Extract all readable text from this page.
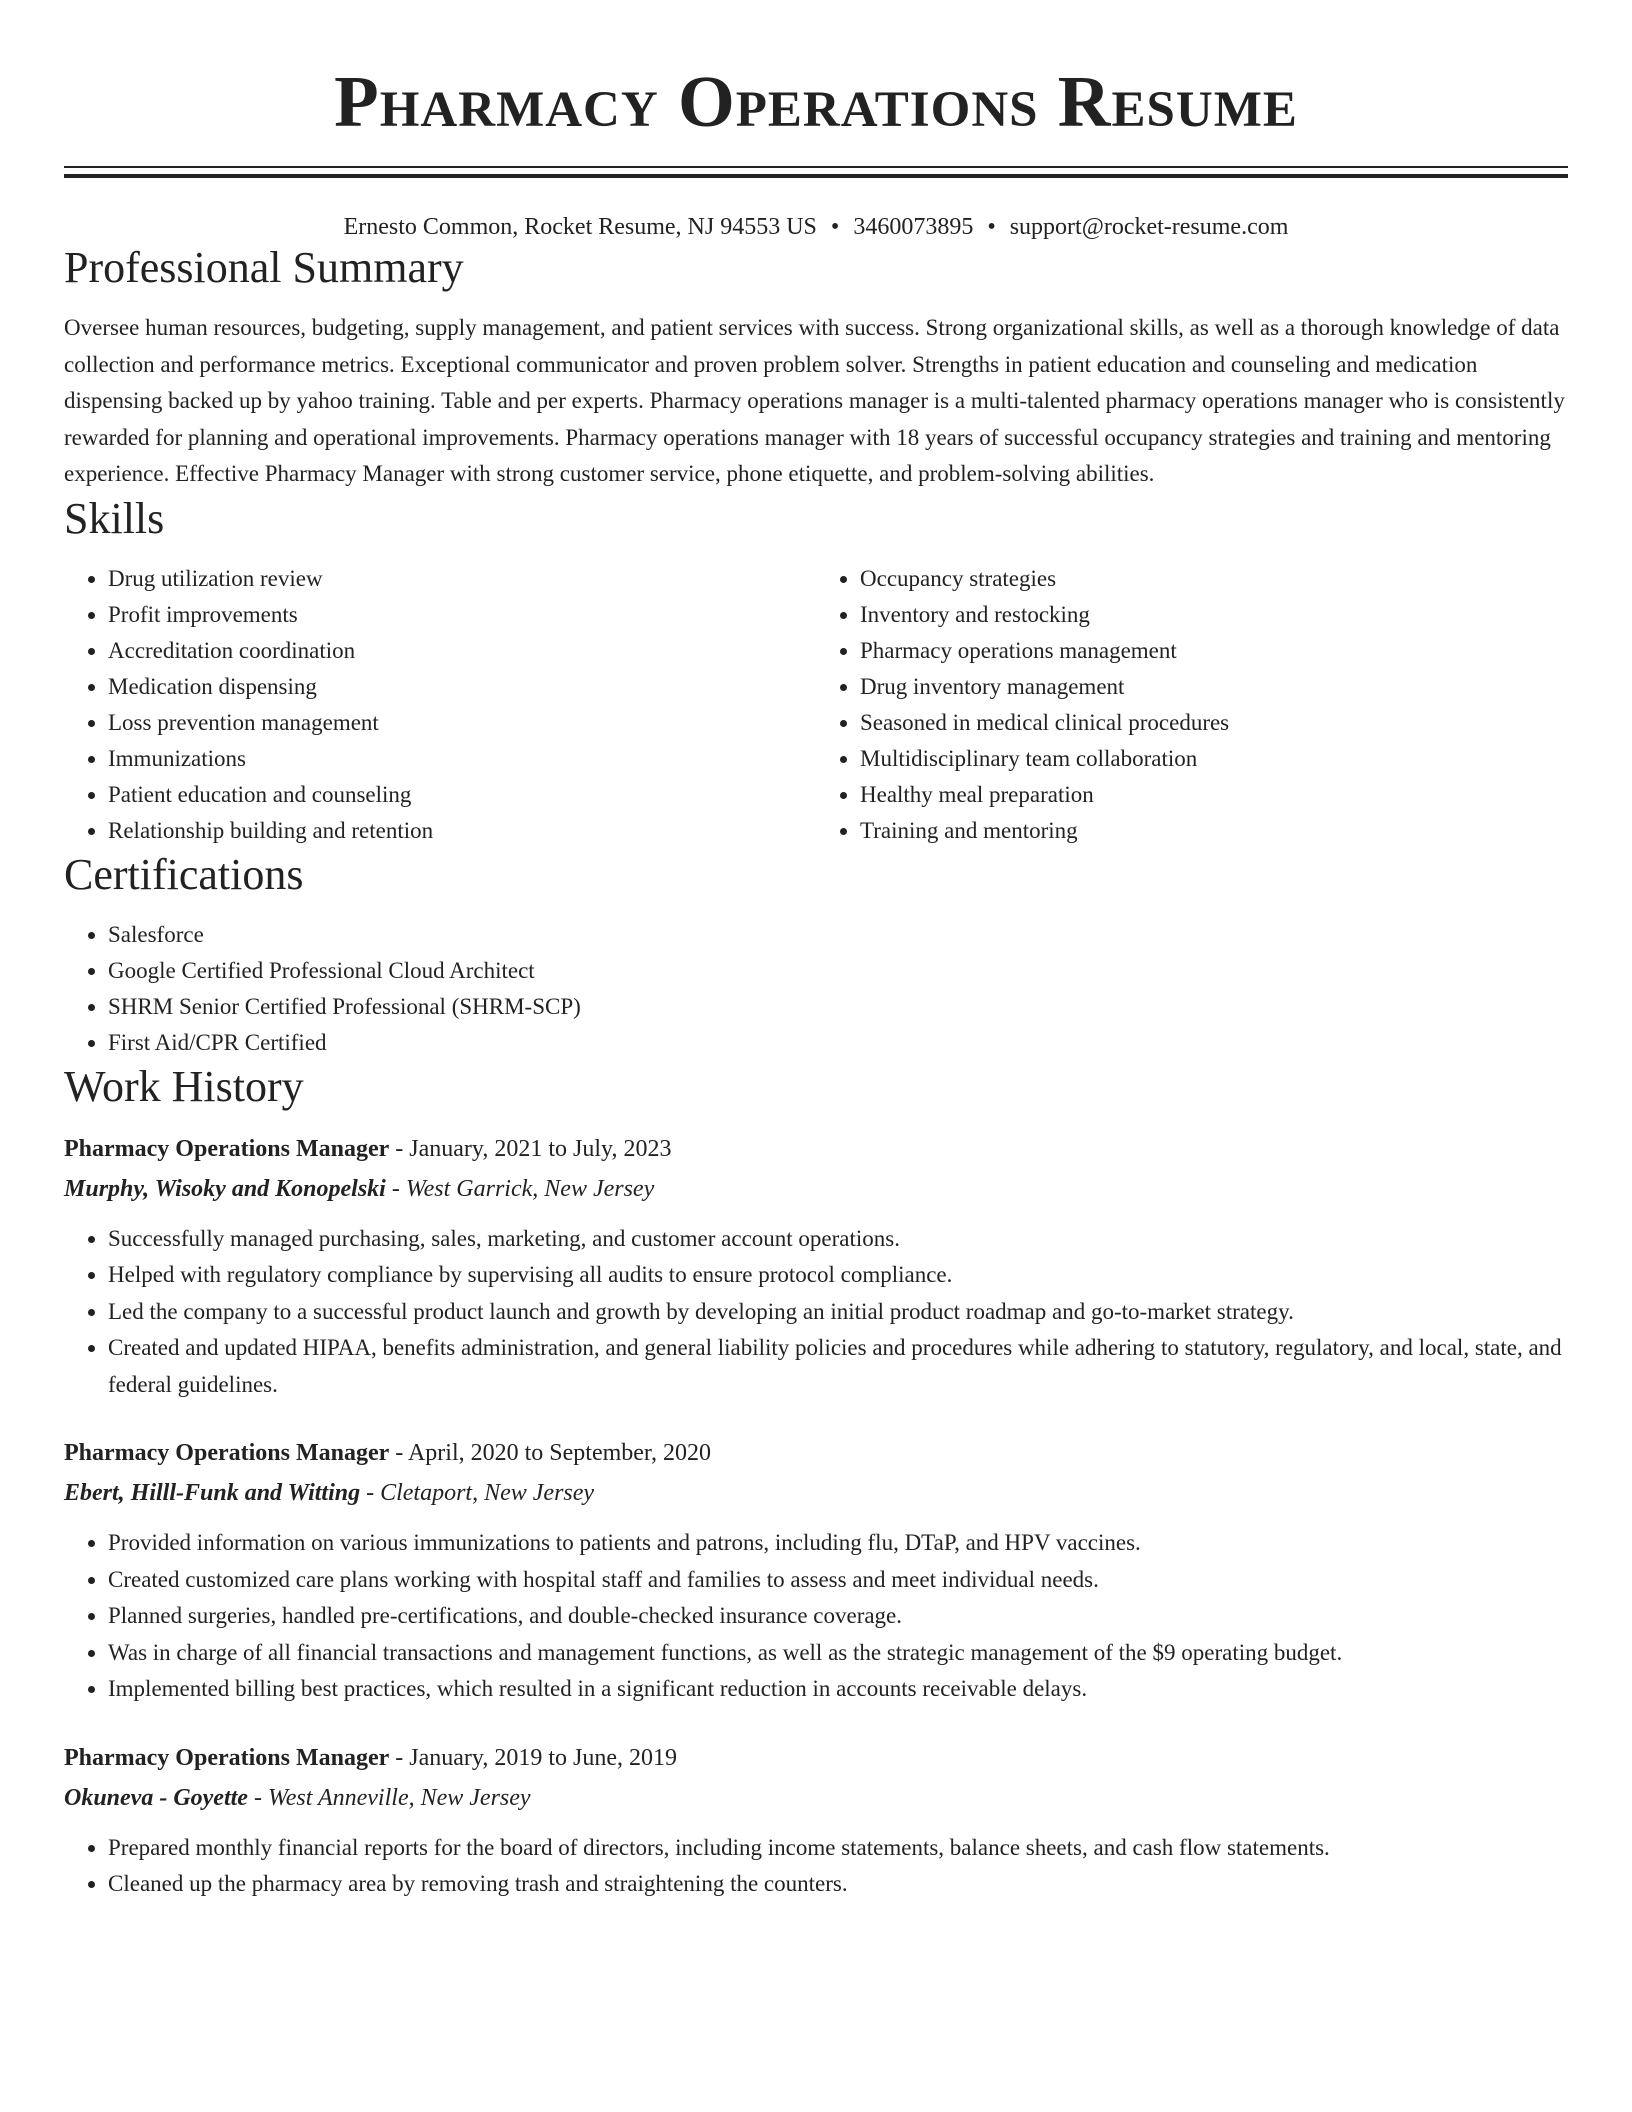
Pharmacy Operations Resume
Ernesto Common, Rocket Resume, NJ 94553 US • 3460073895 • support@rocket-resume.com
Professional Summary

Oversee human resources, budgeting, supply management, and patient services with success. Strong organizational skills, as well as a thorough knowledge of data collection and performance metrics. Exceptional communicator and proven problem solver. Strengths in patient education and counseling and medication dispensing backed up by yahoo training. Table and per experts. Pharmacy operations manager is a multi-talented pharmacy operations manager who is consistently rewarded for planning and operational improvements. Pharmacy operations manager with 18 years of successful occupancy strategies and training and mentoring experience. Effective Pharmacy Manager with strong customer service, phone etiquette, and problem-solving abilities.

Skills
• Drug utilization review
• Profit improvements
• Accreditation coordination
• Medication dispensing
• Loss prevention management
• Immunizations
• Patient education and counseling
• Relationship building and retention
• Occupancy strategies
• Inventory and restocking
• Pharmacy operations management
• Drug inventory management
• Seasoned in medical clinical procedures
• Multidisciplinary team collaboration
• Healthy meal preparation
• Training and mentoring
Certifications
• Salesforce
• Google Certified Professional Cloud Architect
• SHRM Senior Certified Professional (SHRM-SCP)
• First Aid/CPR Certified
Work History
Pharmacy Operations Manager - January, 2021 to July, 2023
Murphy, Wisoky and Konopelski - West Garrick, New Jersey
• Successfully managed purchasing, sales, marketing, and customer account operations.
• Helped with regulatory compliance by supervising all audits to ensure protocol compliance.
• Led the company to a successful product launch and growth by developing an initial product roadmap and go-to-market strategy.
• Created and updated HIPAA, benefits administration, and general liability policies and procedures while adhering to statutory, regulatory, and local, state, and federal guidelines.
Pharmacy Operations Manager - April, 2020 to September, 2020
Ebert, Hilll-Funk and Witting - Cletaport, New Jersey
• Provided information on various immunizations to patients and patrons, including flu, DTaP, and HPV vaccines.
• Created customized care plans working with hospital staff and families to assess and meet individual needs.
• Planned surgeries, handled pre-certifications, and double-checked insurance coverage.
• Was in charge of all financial transactions and management functions, as well as the strategic management of the $9 operating budget.
• Implemented billing best practices, which resulted in a significant reduction in accounts receivable delays.
Pharmacy Operations Manager - January, 2019 to June, 2019
Okuneva - Goyette - West Anneville, New Jersey
• Prepared monthly financial reports for the board of directors, including income statements, balance sheets, and cash flow statements.
• Cleaned up the pharmacy area by removing trash and straightening the counters.
